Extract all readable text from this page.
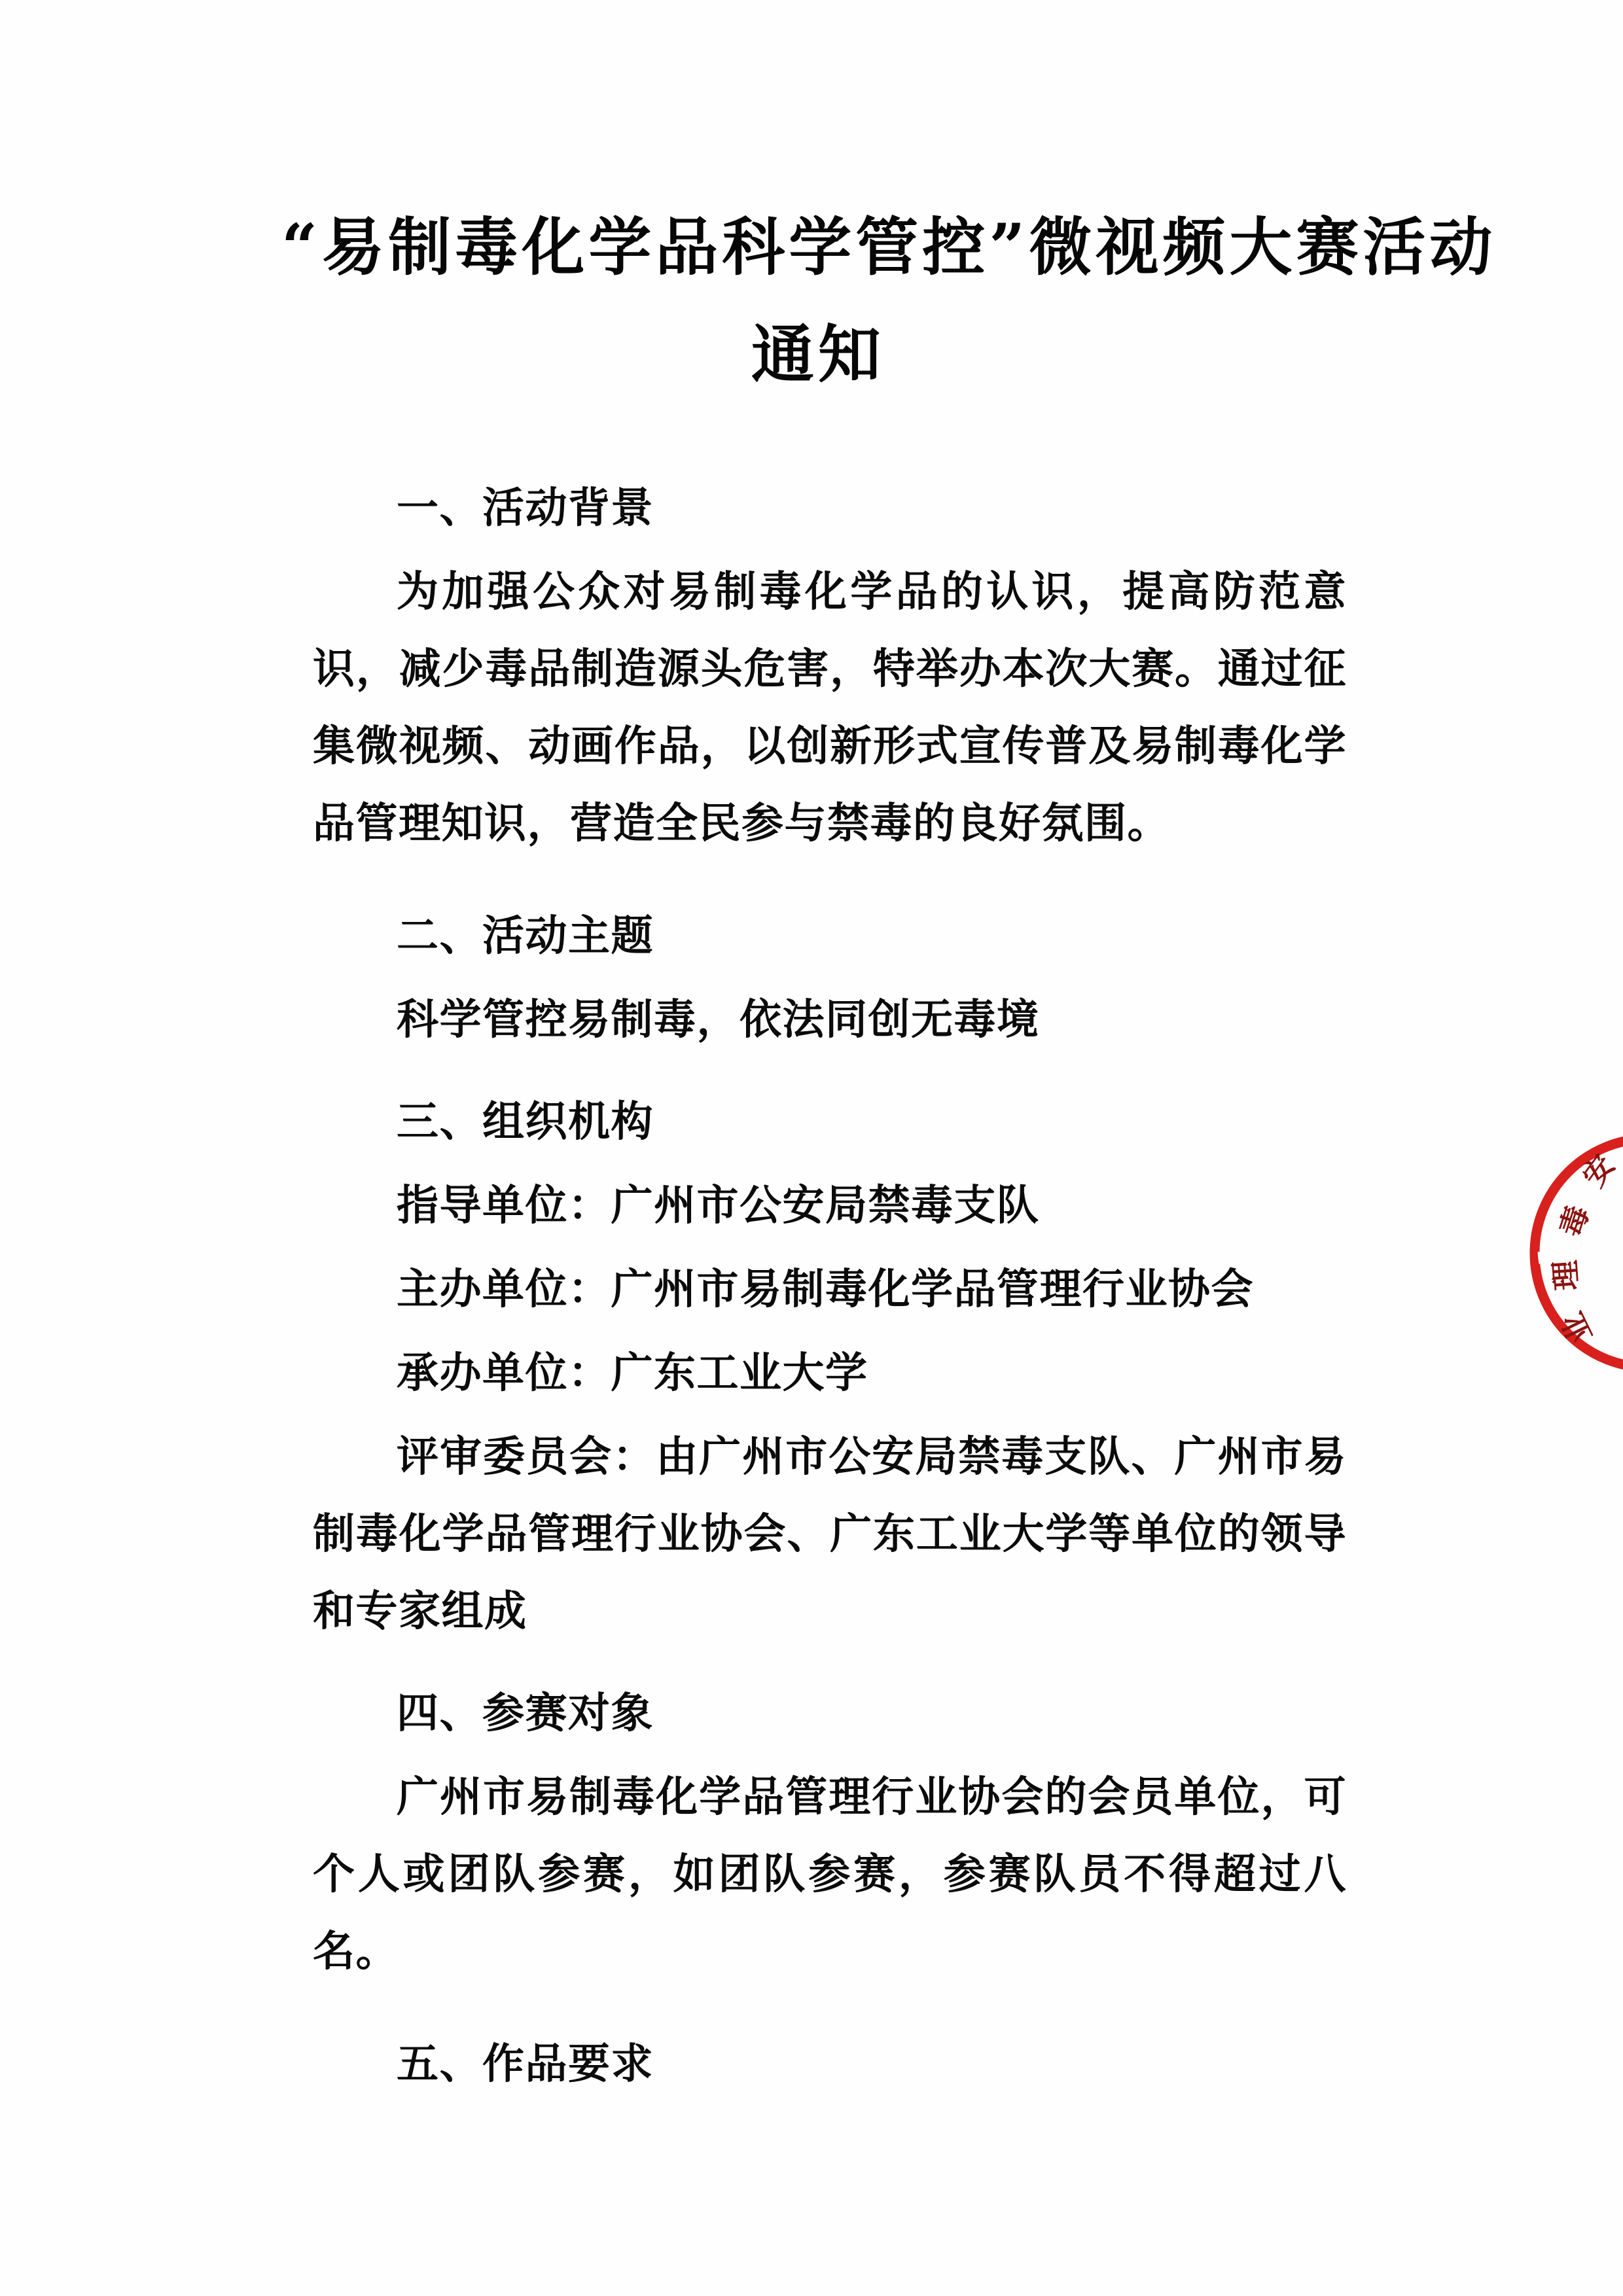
“易制毒化学品科学管控”微视频大赛活动
通知

一、活动背景

为加强公众对易制毒化学品的认识，提高防范意识，减少毒品制造源头危害，特举办本次大赛。通过征集微视频、动画作品，以创新形式宣传普及易制毒化学品管理知识，营造全民参与禁毒的良好氛围。

二、活动主题

科学管控易制毒，依法同创无毒境

三、组织机构

指导单位：广州市公安局禁毒支队

主办单位：广州市易制毒化学品管理行业协会

承办单位：广东工业大学

评审委员会：由广州市公安局禁毒支队、广州市易制毒化学品管理行业协会、广东工业大学等单位的领导和专家组成

四、参赛对象

广州市易制毒化学品管理行业协会的会员单位，可个人或团队参赛，如团队参赛，参赛队员不得超过八名。

五、作品要求

安
毒
理
业
